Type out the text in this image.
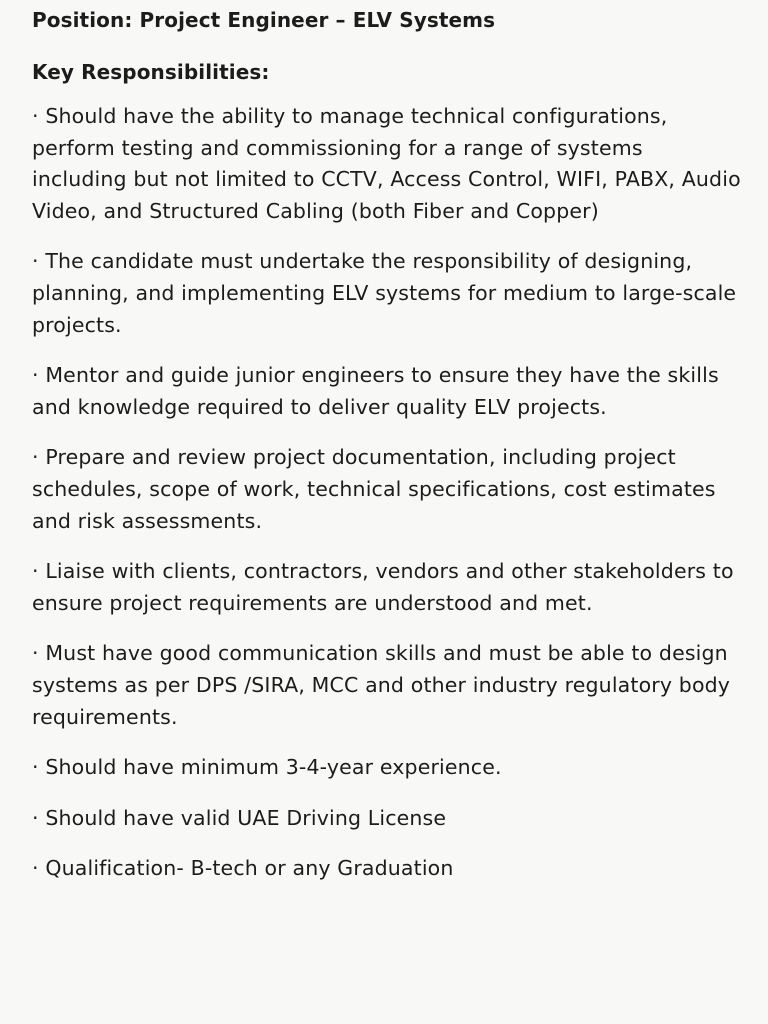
Position: Project Engineer – ELV Systems
Key Responsibilities:
· Should have the ability to manage technical configurations, perform testing and commissioning for a range of systems including but not limited to CCTV, Access Control, WIFI, PABX, Audio Video, and Structured Cabling (both Fiber and Copper)
· The candidate must undertake the responsibility of designing, planning, and implementing ELV systems for medium to large-scale projects.
· Mentor and guide junior engineers to ensure they have the skills and knowledge required to deliver quality ELV projects.
· Prepare and review project documentation, including project schedules, scope of work, technical specifications, cost estimates and risk assessments.
· Liaise with clients, contractors, vendors and other stakeholders to ensure project requirements are understood and met.
· Must have good communication skills and must be able to design systems as per DPS /SIRA, MCC and other industry regulatory body requirements.
· Should have minimum 3-4-year experience.
· Should have valid UAE Driving License
· Qualification- B-tech or any Graduation
